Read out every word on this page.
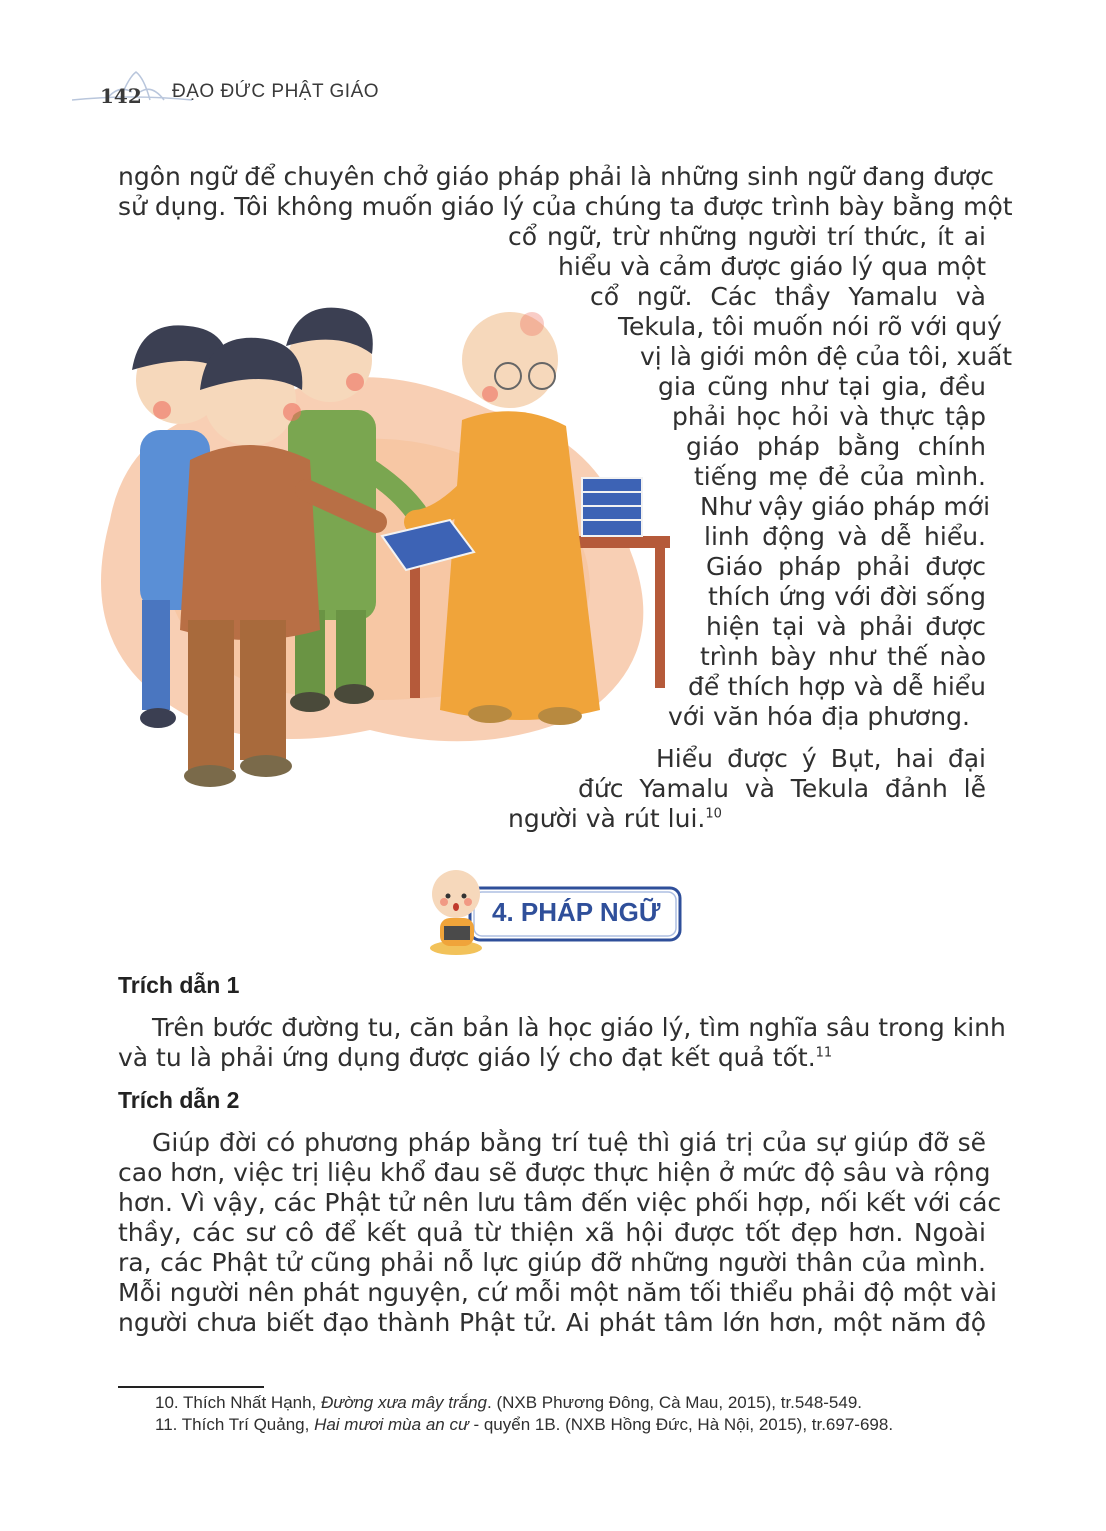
142 ĐẠO ĐỨC PHẬT GIÁO
ngôn ngữ để chuyên chở giáo pháp phải là những sinh ngữ đang được
sử dụng. Tôi không muốn giáo lý của chúng ta được trình bày bằng một
cổ ngữ, trừ những người trí thức, ít ai
hiểu và cảm được giáo lý qua một
cổ ngữ. Các thầy Yamalu và
Tekula, tôi muốn nói rõ với quý
vị là giới môn đệ của tôi, xuất
gia cũng như tại gia, đều
phải học hỏi và thực tập
giáo pháp bằng chính
tiếng mẹ đẻ của mình.
Như vậy giáo pháp mới
linh động và dễ hiểu.
Giáo pháp phải được
thích ứng với đời sống
hiện tại và phải được
trình bày như thế nào
để thích hợp và dễ hiểu
với văn hóa địa phương.
Hiểu được ý Bụt, hai đại
đức Yamalu và Tekula đảnh lễ
người và rút lui.$^{10}$
4. PHÁP NGỮ
Trích dẫn 1
Trên bước đường tu, căn bản là học giáo lý, tìm nghĩa sâu trong kinh
và tu là phải ứng dụng được giáo lý cho đạt kết quả tốt.$^{11}$
Trích dẫn 2
Giúp đời có phương pháp bằng trí tuệ thì giá trị của sự giúp đỡ sẽ
cao hơn, việc trị liệu khổ đau sẽ được thực hiện ở mức độ sâu và rộng
hơn. Vì vậy, các Phật tử nên lưu tâm đến việc phối hợp, nối kết với các
thầy, các sư cô để kết quả từ thiện xã hội được tốt đẹp hơn. Ngoài
ra, các Phật tử cũng phải nỗ lực giúp đỡ những người thân của mình.
Mỗi người nên phát nguyện, cứ mỗi một năm tối thiểu phải độ một vài
người chưa biết đạo thành Phật tử. Ai phát tâm lớn hơn, một năm độ
10. Thích Nhất Hạnh, Đường xưa mây trắng. (NXB Phương Đông, Cà Mau, 2015), tr.548-549.
11. Thích Trí Quảng, Hai mươi mùa an cư - quyển 1B. (NXB Hồng Đức, Hà Nội, 2015), tr.697-698.
